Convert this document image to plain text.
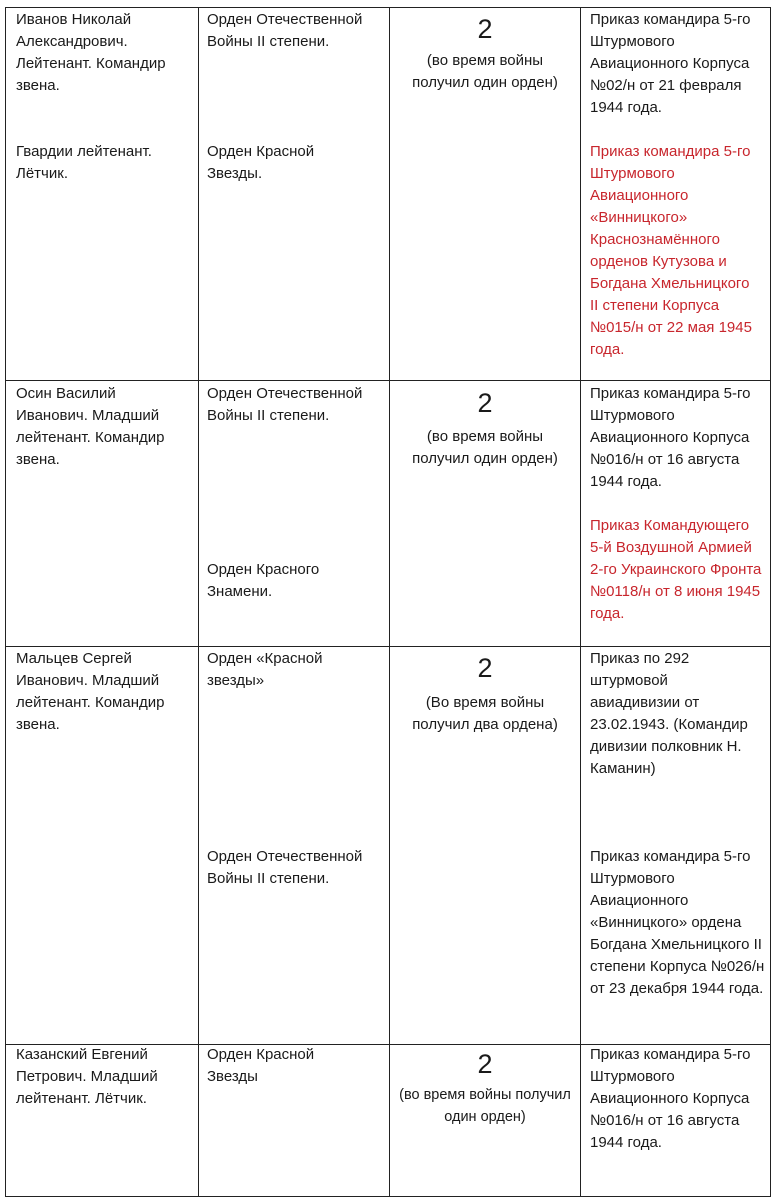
Иванов Николай Александрович. Лейтенант. Командир звена.
Гвардии лейтенант. Лётчик.
Орден Отечественной Войны II степени.
Орден Красной Звезды.
2
(во время войны получил один орден)
Приказ командира 5-го Штурмового Авиационного Корпуса №02/н от 21 февраля 1944 года.
Приказ командира 5-го Штурмового Авиационного «Винницкого» Краснознамённого орденов Кутузова и Богдана Хмельницкого II степени Корпуса №015/н от 22 мая 1945 года.
Осин Василий Иванович. Младший лейтенант. Командир звена.
Орден Отечественной Войны II степени.
Орден Красного Знамени.
2
(во время войны получил один орден)
Приказ командира 5-го Штурмового Авиационного Корпуса №016/н от 16 августа 1944 года.
Приказ Командующего 5-й Воздушной Армией 2-го Украинского Фронта №0118/н от 8 июня 1945 года.
Мальцев Сергей Иванович. Младший лейтенант. Командир звена.
Орден «Красной звезды»
Орден Отечественной Войны II степени.
2
(Во время войны получил два ордена)
Приказ по 292 штурмовой авиадивизии от 23.02.1943. (Командир дивизии полковник Н. Каманин)
Приказ командира 5-го Штурмового Авиационного «Винницкого» ордена Богдана Хмельницкого II степени Корпуса №026/н от 23 декабря 1944 года.
Казанский Евгений Петрович. Младший лейтенант. Лётчик.
Орден Красной Звезды	2
(во время войны получил один орден)
Приказ командира 5-го Штурмового Авиационного Корпуса №016/н от 16 августа 1944 года.
